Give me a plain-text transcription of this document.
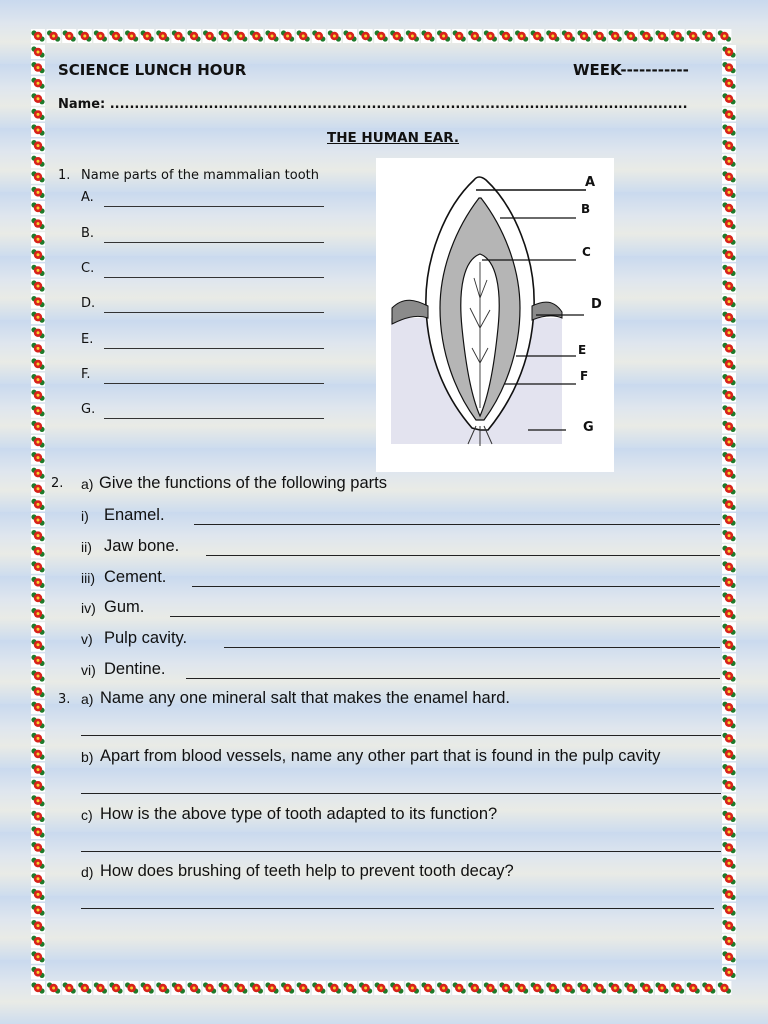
SCIENCE LUNCH HOUR	WEEK-----------
Name: .....................................................................................................................
THE HUMAN EAR.
1. Name parts of the mammalian tooth
A.
B.
C.
D.
E.
F.
G.
A
B
C
D
E
F
G
2. a) Give the functions of the following parts
i) Enamel.
ii) Jaw bone.
iii) Cement.
iv) Gum.
v) Pulp cavity.
vi) Dentine.
3. a) Name any one mineral salt that makes the enamel hard.
b) Apart from blood vessels, name any other part that is found in the pulp cavity
c) How is the above type of tooth adapted to its function?
d) How does brushing of teeth help to prevent tooth decay?
